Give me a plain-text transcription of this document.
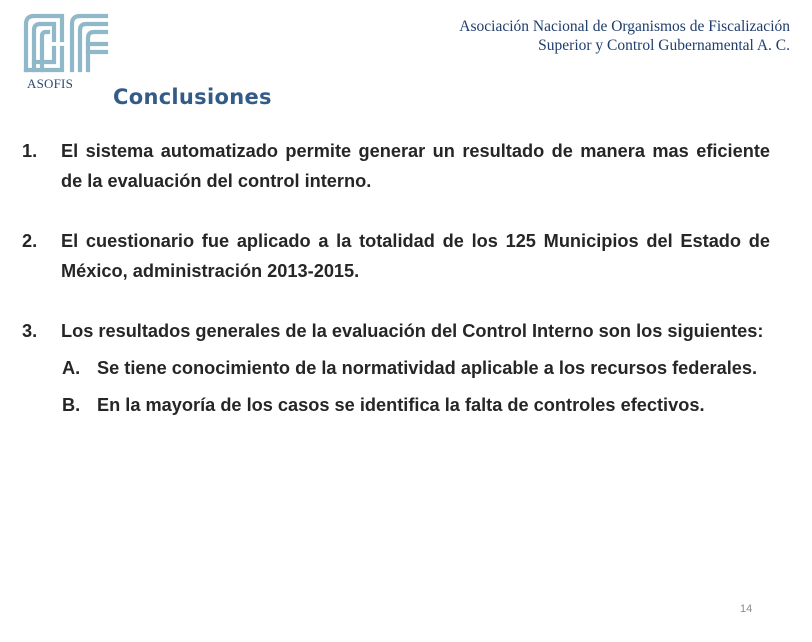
ASOFIS
Asociación Nacional de Organismos de Fiscalización
Superior y Control Gubernamental A. C.
Conclusiones
1. El sistema automatizado permite generar un resultado de manera mas eficiente de la evaluación del control interno.
2. El cuestionario fue aplicado a la totalidad de los 125 Municipios del Estado de México, administración 2013-2015.
3. Los resultados generales de la evaluación del Control Interno son los siguientes:
A. Se tiene conocimiento de la normatividad aplicable a los recursos federales.
B. En la mayoría de los casos se identifica la falta de controles efectivos.
14
